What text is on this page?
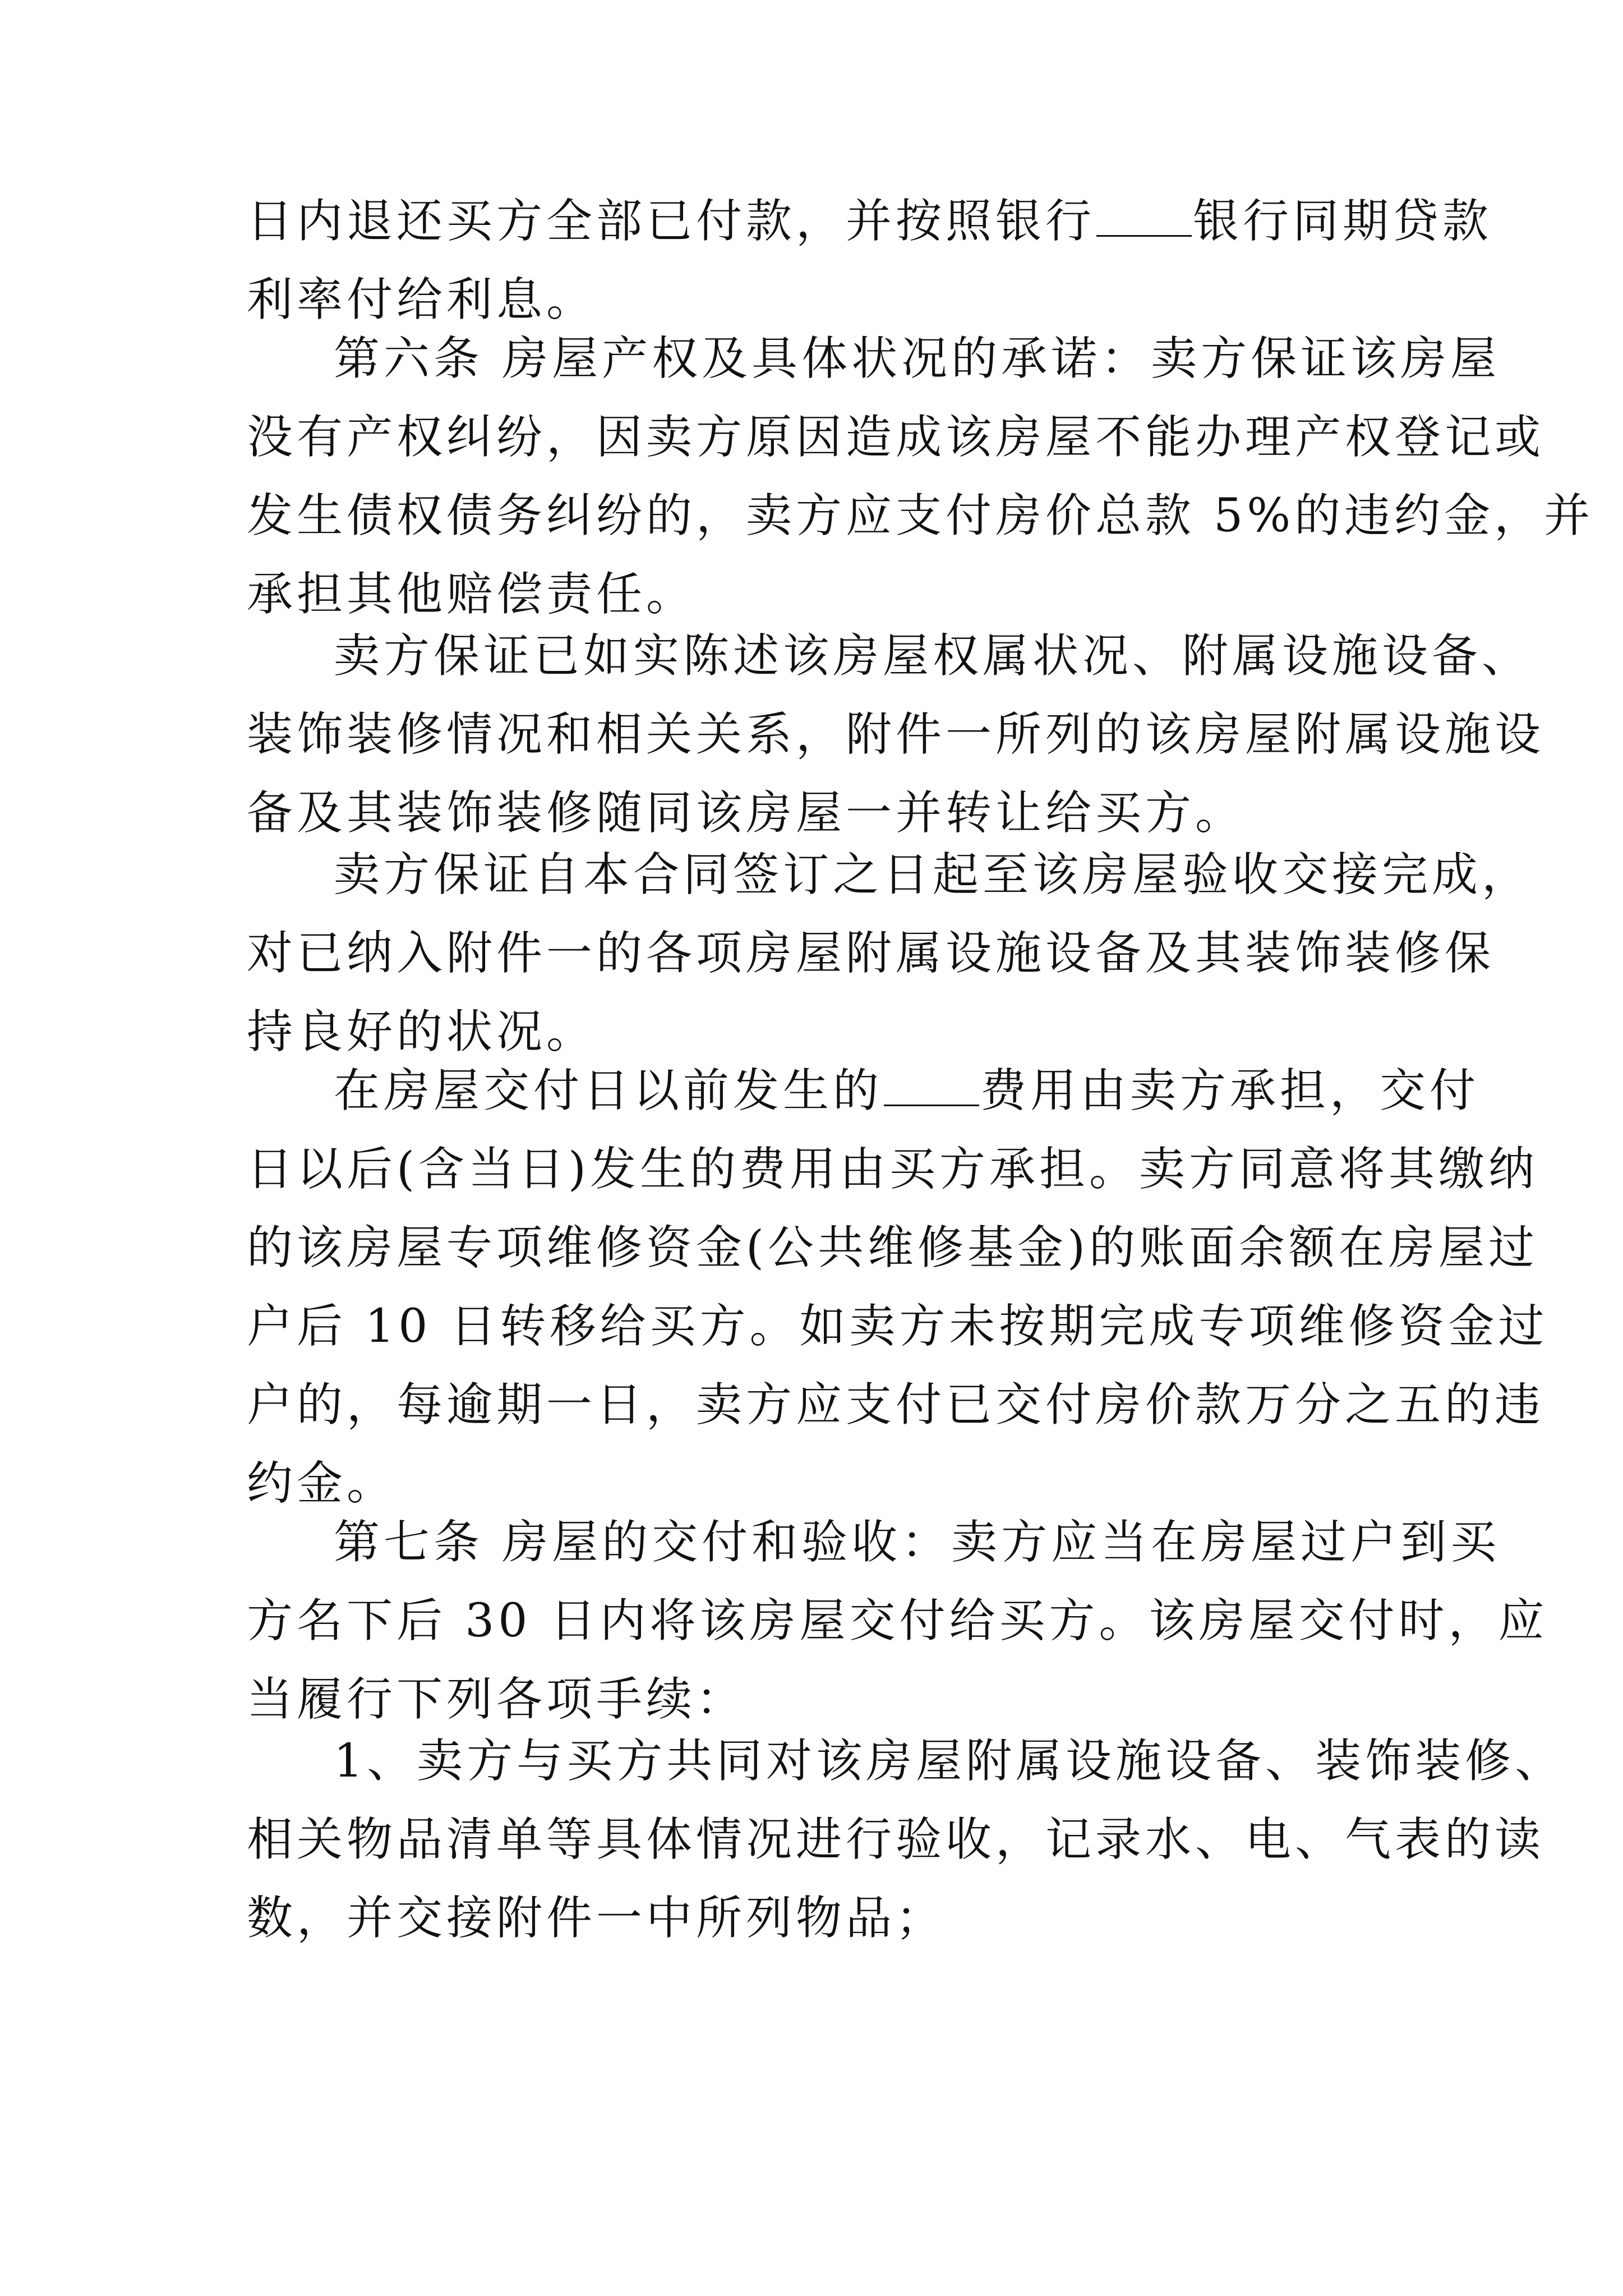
日内退还买方全部已付款，并按照银行 银行同期贷款
利率付给利息。
第六条 房屋产权及具体状况的承诺：卖方保证该房屋
没有产权纠纷，因卖方原因造成该房屋不能办理产权登记或
发生债权债务纠纷的，卖方应支付房价总款 5%的违约金，并
承担其他赔偿责任。
卖方保证已如实陈述该房屋权属状况、附属设施设备、
装饰装修情况和相关关系，附件一所列的该房屋附属设施设
备及其装饰装修随同该房屋一并转让给买方。
卖方保证自本合同签订之日起至该房屋验收交接完成，
对已纳入附件一的各项房屋附属设施设备及其装饰装修保
持良好的状况。
在房屋交付日以前发生的 费用由卖方承担，交付
日以后(含当日)发生的费用由买方承担。卖方同意将其缴纳
的该房屋专项维修资金(公共维修基金)的账面余额在房屋过
户后 10 日转移给买方。如卖方未按期完成专项维修资金过
户的，每逾期一日，卖方应支付已交付房价款万分之五的违
约金。
第七条 房屋的交付和验收：卖方应当在房屋过户到买
方名下后 30 日内将该房屋交付给买方。该房屋交付时，应
当履行下列各项手续：
1、卖方与买方共同对该房屋附属设施设备、装饰装修、
相关物品清单等具体情况进行验收，记录水、电、气表的读
数，并交接附件一中所列物品；
